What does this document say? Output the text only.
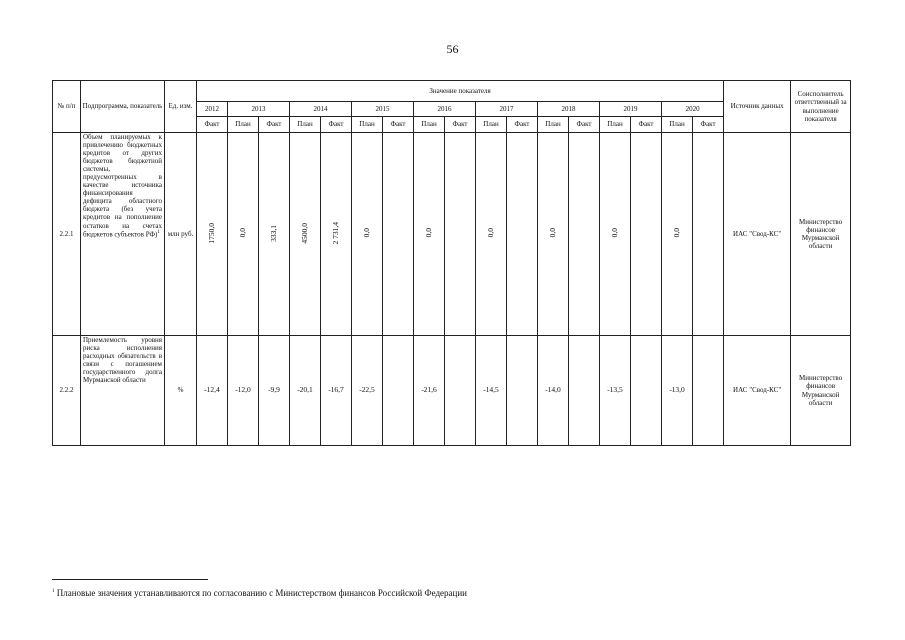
56
№ п/п	Подпрограмма, показатель	Ед. изм.	Значение показателя																	Источник данных	Соисполнитель ответственный за выполнение показателя
			2012	2013		2014		2015		2016		2017		2018		2019		2020			
			Факт	План	Факт	План	Факт	План	Факт	План	Факт	План	Факт	План	Факт	План	Факт	План	Факт		
2.2.1	Объем планируемых к привлечению бюджетных кредитов от других бюджетов бюджетной системы, предусмотренных в качестве источника финансирования дефицита областного бюджета (без учета кредитов на пополнение остатков на счетах бюджетов субъектов РФ)$^1$	млн руб.	1750,0	0,0	333,1	4500,0	2 731,4	0,0		0,0		0,0		0,0		0,0		0,0		ИАС "Свод-КС"	Министерство финансов Мурманской области
2.2.2	Приемлемость уровня риска исполнения расходных обязательств в связи с погашением государственного долга Мурманской области	%	-12,4	-12,0	-9,9	-20,1	-16,7	-22,5		-21,6		-14,5		-14,0		-13,5		-13,0		ИАС "Свод-КС"	Министерство финансов Мурманской области
$^1$ Плановые значения устанавливаются по согласованию с Министерством финансов Российской Федерации
